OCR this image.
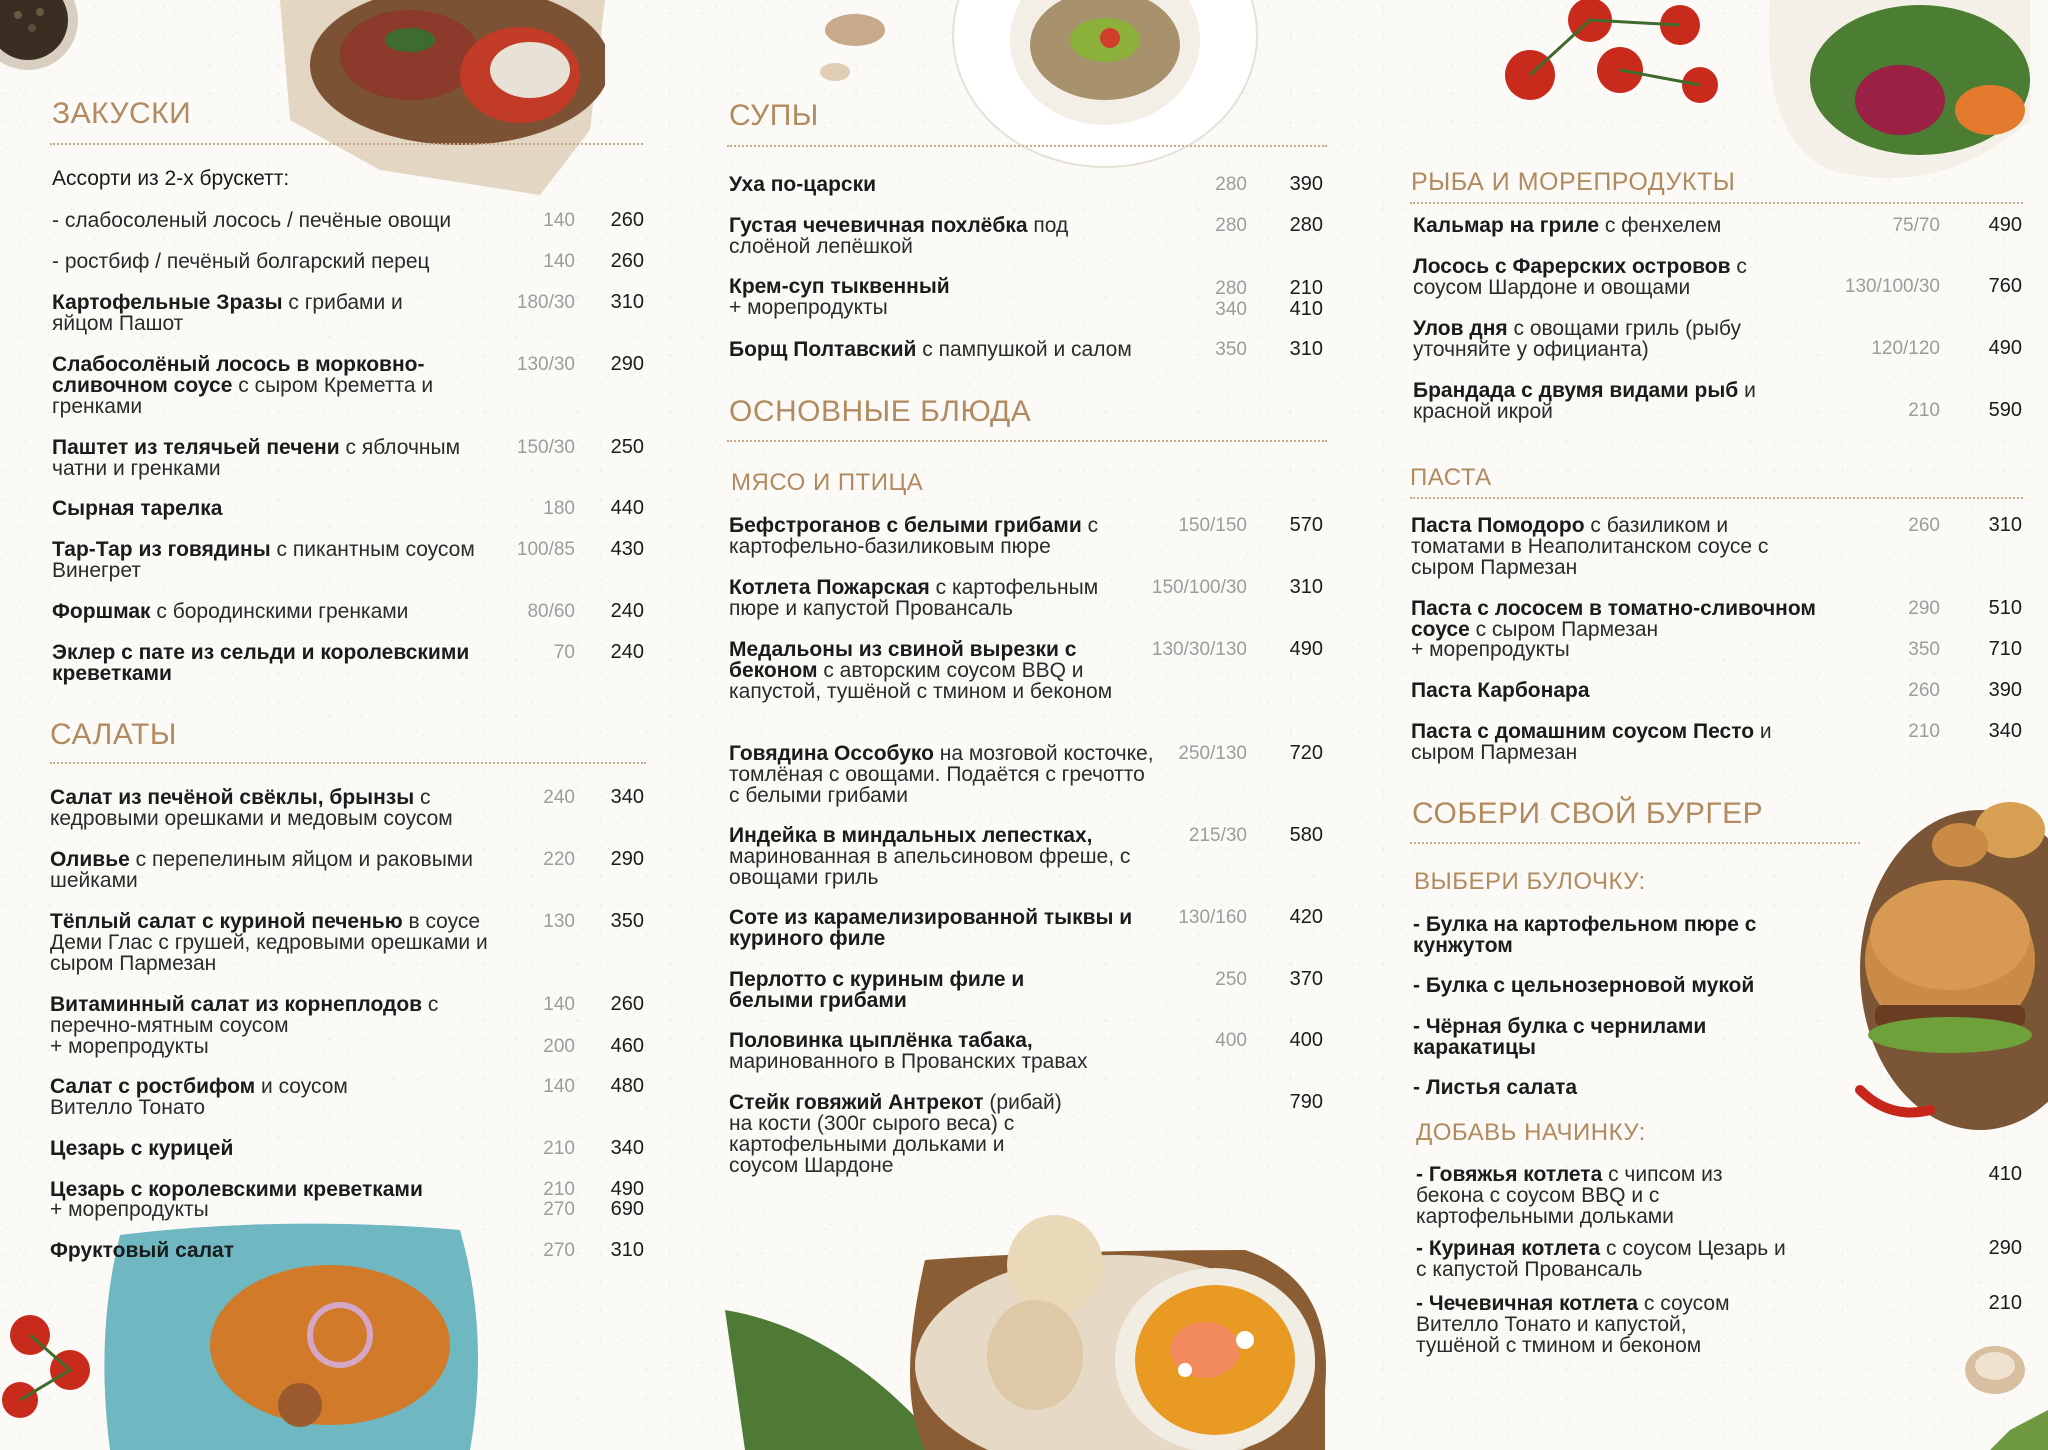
ЗАКУСКИ
Ассорти из 2-х брускетт:
- слабосоленый лосось / печёные овощи	140	260
- ростбиф / печёный болгарский перец	140	260
Картофельные Зразы с грибами и яйцом Пашот
180/30	310
Слабосолёный лосось в морковно-сливочном соусе с сыром Креметта и гренками
130/30	290
Паштет из телячьей печени с яблочным чатни и гренками
150/30	250
Сырная тарелка	180	440
Тар-Тар из говядины с пикантным соусом Винегрет
100/85	430
Форшмак с бородинскими гренками	80/60	240
Эклер с пате из сельди и королевскими креветками
70	240
САЛАТЫ
Салат из печёной свёклы, брынзы с кедровыми орешками и медовым соусом
240	340
Оливье с перепелиным яйцом и раковыми шейками
220	290
Тёплый салат с куриной печенью в соусе Деми Глас с грушей, кедровыми орешками и сыром Пармезан
130	350
Витаминный салат из корнеплодов с перечно-мятным соусом
140	260
+ морепродукты	200	460
Салат с ростбифом и соусом Вителло Тонато
140	480
Цезарь с курицей	210	340
Цезарь с королевскими креветками	210	490
+ морепродукты	270	690
Фруктовый салат	270	310
СУПЫ
Уха по-царски	280	390
Густая чечевичная похлёбка под слоёной лепёшкой
280	280
Крем-суп тыквенный	280	210
+ морепродукты	340	410
Борщ Полтавский с пампушкой и салом	350	310
ОСНОВНЫЕ БЛЮДА
МЯСО И ПТИЦА
Бефстроганов с белыми грибами с картофельно-базиликовым пюре
150/150	570
Котлета Пожарская с картофельным пюре и капустой Провансаль
150/100/30	310
Медальоны из свиной вырезки с беконом с авторским соусом BBQ и капустой, тушёной с тмином и беконом
130/30/130	490
Говядина Оссобуко на мозговой косточке, томлёная с овощами. Подаётся с гречотто с белыми грибами
250/130	720
Индейка в миндальных лепестках, маринованная в апельсиновом фреше, с овощами гриль
215/30	580
Соте из карамелизированной тыквы и куриного филе
130/160	420
Перлотто с куриным филе и белыми грибами
250	370
Половинка цыплёнка табака, маринованного в Прованских травах
400	400
Стейк говяжий Антрекот (рибай) на кости (300г сырого веса) с картофельными дольками и соусом Шардоне
790
РЫБА И МОРЕПРОДУКТЫ
Кальмар на гриле с фенхелем	75/70	490
Лосось с Фарерских островов с соусом Шардоне и овощами	130/100/30	760
Улов дня с овощами гриль (рыбу уточняйте у официанта)	120/120	490
Брандада с двумя видами рыб и красной икрой	210	590
ПАСТА
Паста Помодоро с базиликом и томатами в Неаполитанском соусе с сыром Пармезан
260	310
Паста с лососем в томатно-сливочном соусе с сыром Пармезан
290	510
+ морепродукты	350	710
Паста Карбонара	260	390
Паста с домашним соусом Песто и сыром Пармезан
210	340
СОБЕРИ СВОЙ БУРГЕР
ВЫБЕРИ БУЛОЧКУ:
- Булка на картофельном пюре с кунжутом
- Булка с цельнозерновой мукой
- Чёрная булка с чернилами каракатицы
- Листья салата
ДОБАВЬ НАЧИНКУ:
- Говяжья котлета с чипсом из бекона с соусом BBQ и с картофельными дольками
410
- Куриная котлета с соусом Цезарь и с капустой Провансаль
290
- Чечевичная котлета с соусом Вителло Тонато и капустой, тушёной с тмином и беконом
210
